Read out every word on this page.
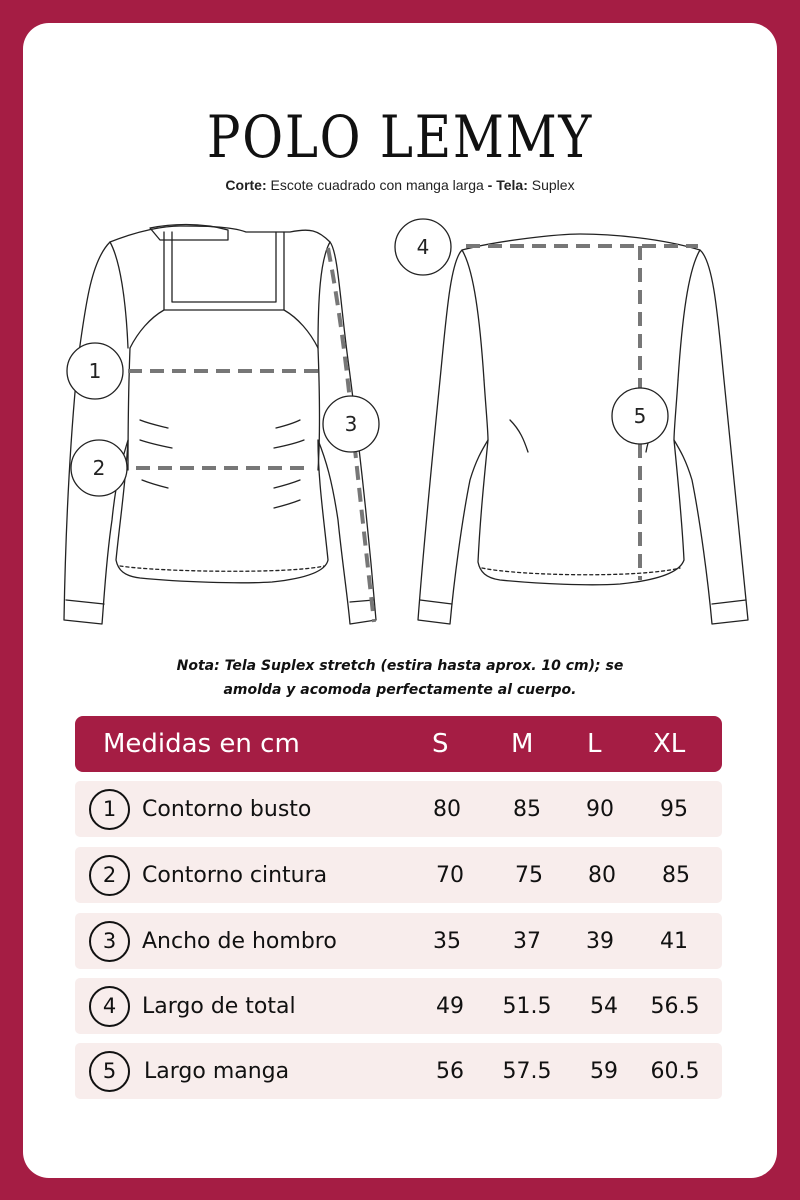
POLO LEMMY
Corte: Escote cuadrado con manga larga - Tela: Suplex
1
2
3
4
5
Nota: Tela Suplex stretch (estira hasta aprox. 10 cm); se
amolda y acomoda perfectamente al cuerpo.
Medidas en cm	S M L XL
1	Contorno busto	80	85	90	95
2	Contorno cintura	70	75	80	85
3	Ancho de hombro	35	37	39	41
4	Largo de total	49	51.5	54	56.5
5	Largo manga	56	57.5	59	60.5
